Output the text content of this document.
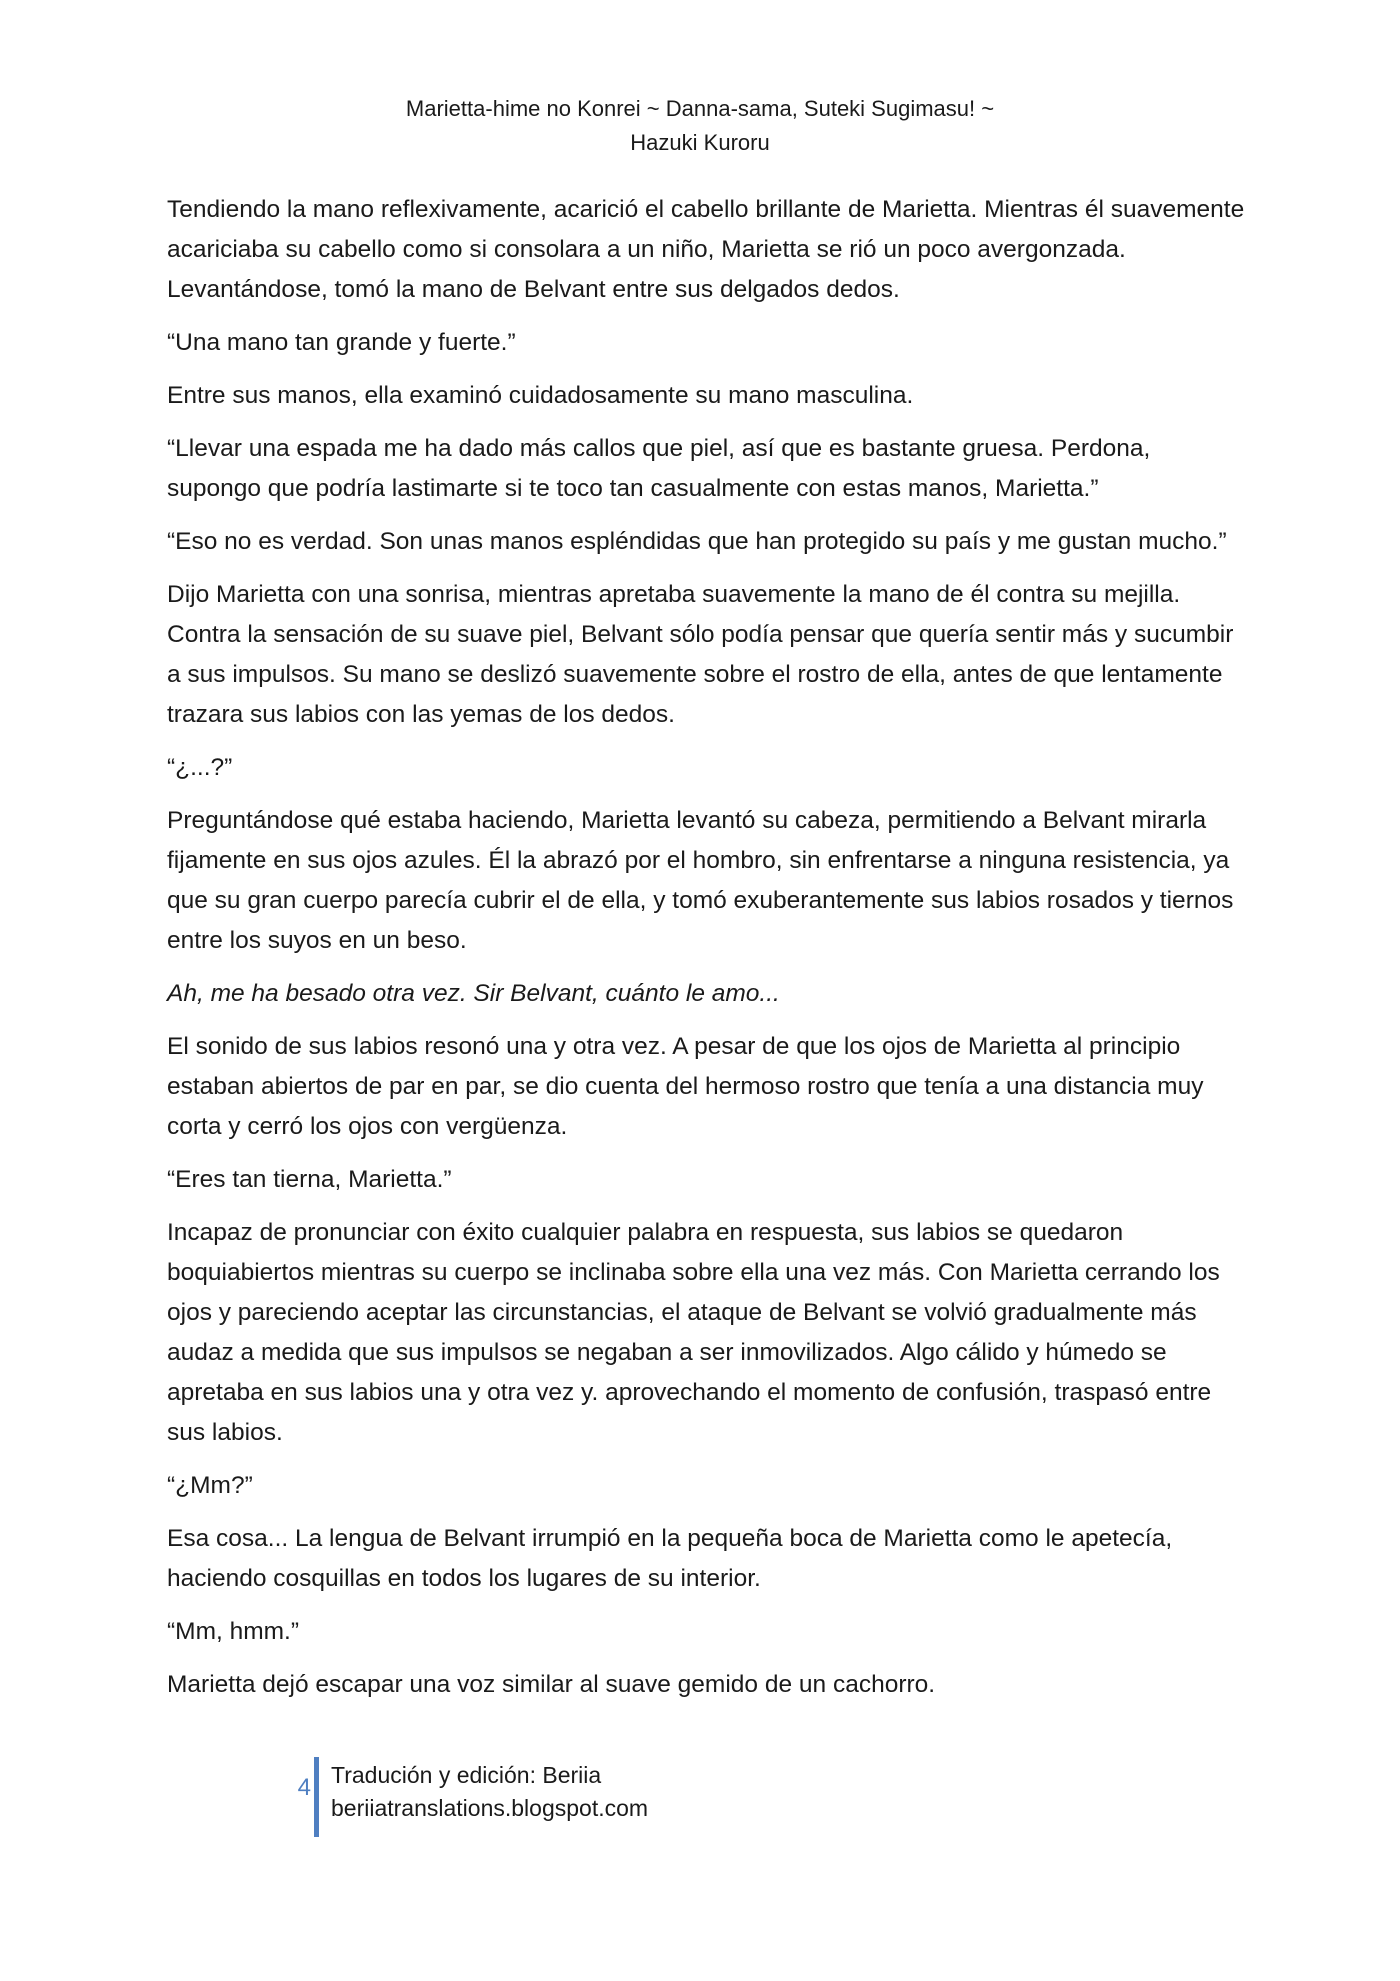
Marietta-hime no Konrei ~ Danna-sama, Suteki Sugimasu! ~
Hazuki Kuroru

Tendiendo la mano reflexivamente, acarició el cabello brillante de Marietta. Mientras él suavemente acariciaba su cabello como si consolara a un niño, Marietta se rió un poco avergonzada. Levantándose, tomó la mano de Belvant entre sus delgados dedos.

“Una mano tan grande y fuerte.”

Entre sus manos, ella examinó cuidadosamente su mano masculina.

“Llevar una espada me ha dado más callos que piel, así que es bastante gruesa. Perdona, supongo que podría lastimarte si te toco tan casualmente con estas manos, Marietta.”

“Eso no es verdad. Son unas manos espléndidas que han protegido su país y me gustan mucho.”

Dijo Marietta con una sonrisa, mientras apretaba suavemente la mano de él contra su mejilla. Contra la sensación de su suave piel, Belvant sólo podía pensar que quería sentir más y sucumbir a sus impulsos. Su mano se deslizó suavemente sobre el rostro de ella, antes de que lentamente trazara sus labios con las yemas de los dedos.

“¿...?”

Preguntándose qué estaba haciendo, Marietta levantó su cabeza, permitiendo a Belvant mirarla fijamente en sus ojos azules. Él la abrazó por el hombro, sin enfrentarse a ninguna resistencia, ya que su gran cuerpo parecía cubrir el de ella, y tomó exuberantemente sus labios rosados y tiernos entre los suyos en un beso.

Ah, me ha besado otra vez. Sir Belvant, cuánto le amo...

El sonido de sus labios resonó una y otra vez. A pesar de que los ojos de Marietta al principio estaban abiertos de par en par, se dio cuenta del hermoso rostro que tenía a una distancia muy corta y cerró los ojos con vergüenza.

“Eres tan tierna, Marietta.”

Incapaz de pronunciar con éxito cualquier palabra en respuesta, sus labios se quedaron boquiabiertos mientras su cuerpo se inclinaba sobre ella una vez más. Con Marietta cerrando los ojos y pareciendo aceptar las circunstancias, el ataque de Belvant se volvió gradualmente más audaz a medida que sus impulsos se negaban a ser inmovilizados. Algo cálido y húmedo se apretaba en sus labios una y otra vez y. aprovechando el momento de confusión, traspasó entre sus labios.

“¿Mm?”

Esa cosa... La lengua de Belvant irrumpió en la pequeña boca de Marietta como le apetecía, haciendo cosquillas en todos los lugares de su interior.

“Mm, hmm.”

Marietta dejó escapar una voz similar al suave gemido de un cachorro.

4 Tradución y edición: Beriia
beriiatranslations.blogspot.com
